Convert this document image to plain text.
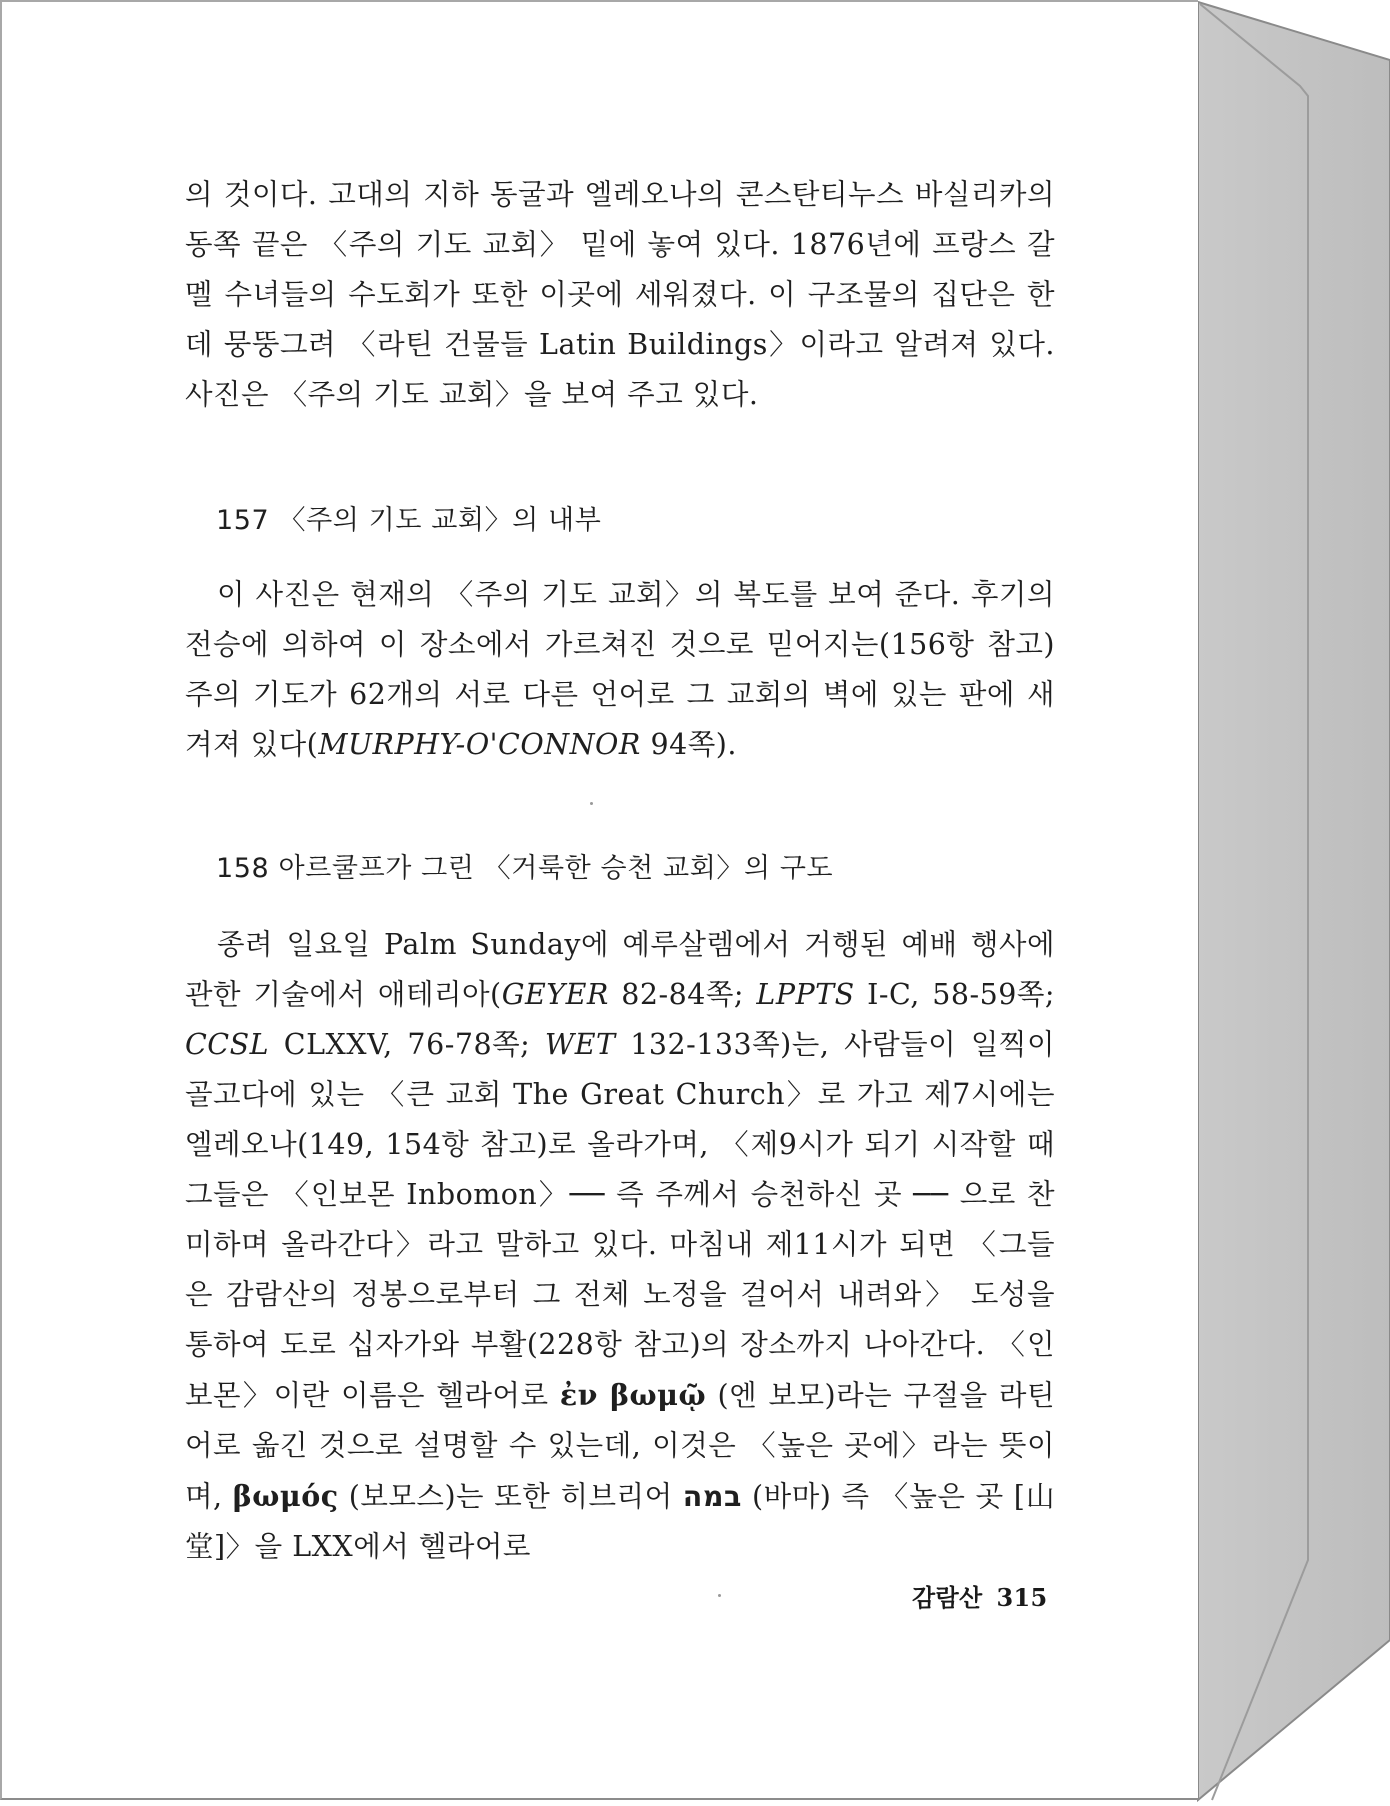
의 것이다. 고대의 지하 동굴과 엘레오나의 콘스탄티누스 바실리카의 동쪽 끝은 〈주의 기도 교회〉 밑에 놓여 있다. 1876년에 프랑스 갈멜 수녀들의 수도회가 또한 이곳에 세워졌다. 이 구조물의 집단은 한데 뭉뚱그려 〈라틴 건물들 Latin Buildings〉이라고 알려져 있다. 사진은 〈주의 기도 교회〉을 보여 주고 있다.
157 〈주의 기도 교회〉의 내부
이 사진은 현재의 〈주의 기도 교회〉의 복도를 보여 준다. 후기의 전승에 의하여 이 장소에서 가르쳐진 것으로 믿어지는(156항 참고) 주의 기도가 62개의 서로 다른 언어로 그 교회의 벽에 있는 판에 새겨져 있다(MURPHY-O'CONNOR 94쪽).
158 아르쿨프가 그린 〈거룩한 승천 교회〉의 구도
종려 일요일 Palm Sunday에 예루살렘에서 거행된 예배 행사에 관한 기술에서 애테리아(GEYER 82-84쪽; LPPTS I-C, 58-59쪽; CCSL CLXXV, 76-78쪽; WET 132-133쪽)는, 사람들이 일찍이 골고다에 있는 〈큰 교회 The Great Church〉로 가고 제7시에는 엘레오나(149, 154항 참고)로 올라가며, 〈제9시가 되기 시작할 때 그들은 〈인보몬 Inbomon〉── 즉 주께서 승천하신 곳 ── 으로 찬미하며 올라간다〉라고 말하고 있다. 마침내 제11시가 되면 〈그들은 감람산의 정봉으로부터 그 전체 노정을 걸어서 내려와〉 도성을 통하여 도로 십자가와 부활(228항 참고)의 장소까지 나아간다. 〈인보몬〉이란 이름은 헬라어로 ἐν βωμῷ (엔 보모)라는 구절을 라틴어로 옮긴 것으로 설명할 수 있는데, 이것은 〈높은 곳에〉라는 뜻이며, βωμός (보모스)는 또한 히브리어 במה (바마) 즉 〈높은 곳 [山堂]〉을 LXX에서 헬라어로
감람산 315
